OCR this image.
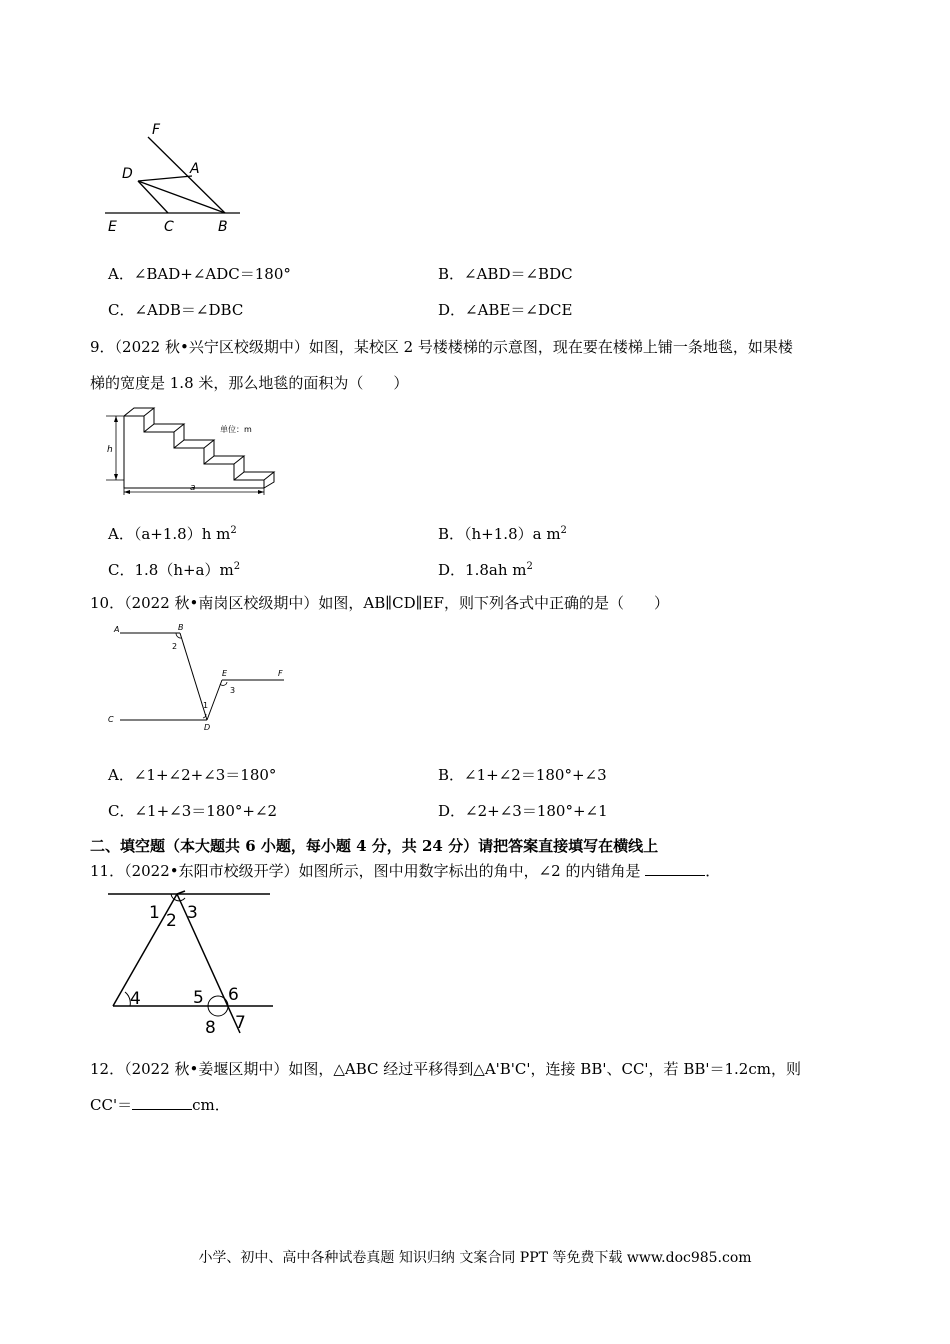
F
A
D
E	C	B
A．∠BAD+∠ADC＝180°	B．∠ABD＝∠BDC
C．∠ADB＝∠DBC	D．∠ABE＝∠DCE
9．（2022 秋•兴宁区校级期中）如图，某校区 2 号楼楼梯的示意图，现在要在楼梯上铺一条地毯，如果楼
梯的宽度是 1.8 米，那么地毯的面积为（　　）
单位：m
h
a
A．（a+1.8）h $m^2$	B．（h+1.8）a $m^2$
C．$1.8(h+a)m^2$	D．1.8ah $m^2$
10．（2022 秋•南岗区校级期中）如图，AB∥CD∥EF，则下列各式中正确的是（　　）
A	B
2
E	F
3
1
C
D
A．∠1+∠2+∠3＝180°	B．∠1+∠2＝180°+∠3
C．∠1+∠3＝180°+∠2	D．∠2+∠3＝180°+∠1
二、填空题（本大题共 6 小题，每小题 4 分，共 24 分）请把答案直接填写在横线上
11．（2022•东阳市校级开学）如图所示，图中用数字标出的角中，∠2 的内错角是	．
1 2 3
4	5 6
7
8
12．（2022 秋•姜堰区期中）如图，△ABC 经过平移得到△A'B'C'，连接 BB'、CC'，若 BB'＝1.2cm，则
CC'＝	cm．
小学、初中、高中各种试卷真题 知识归纳 文案合同 PPT 等免费下载 www.doc985.com
